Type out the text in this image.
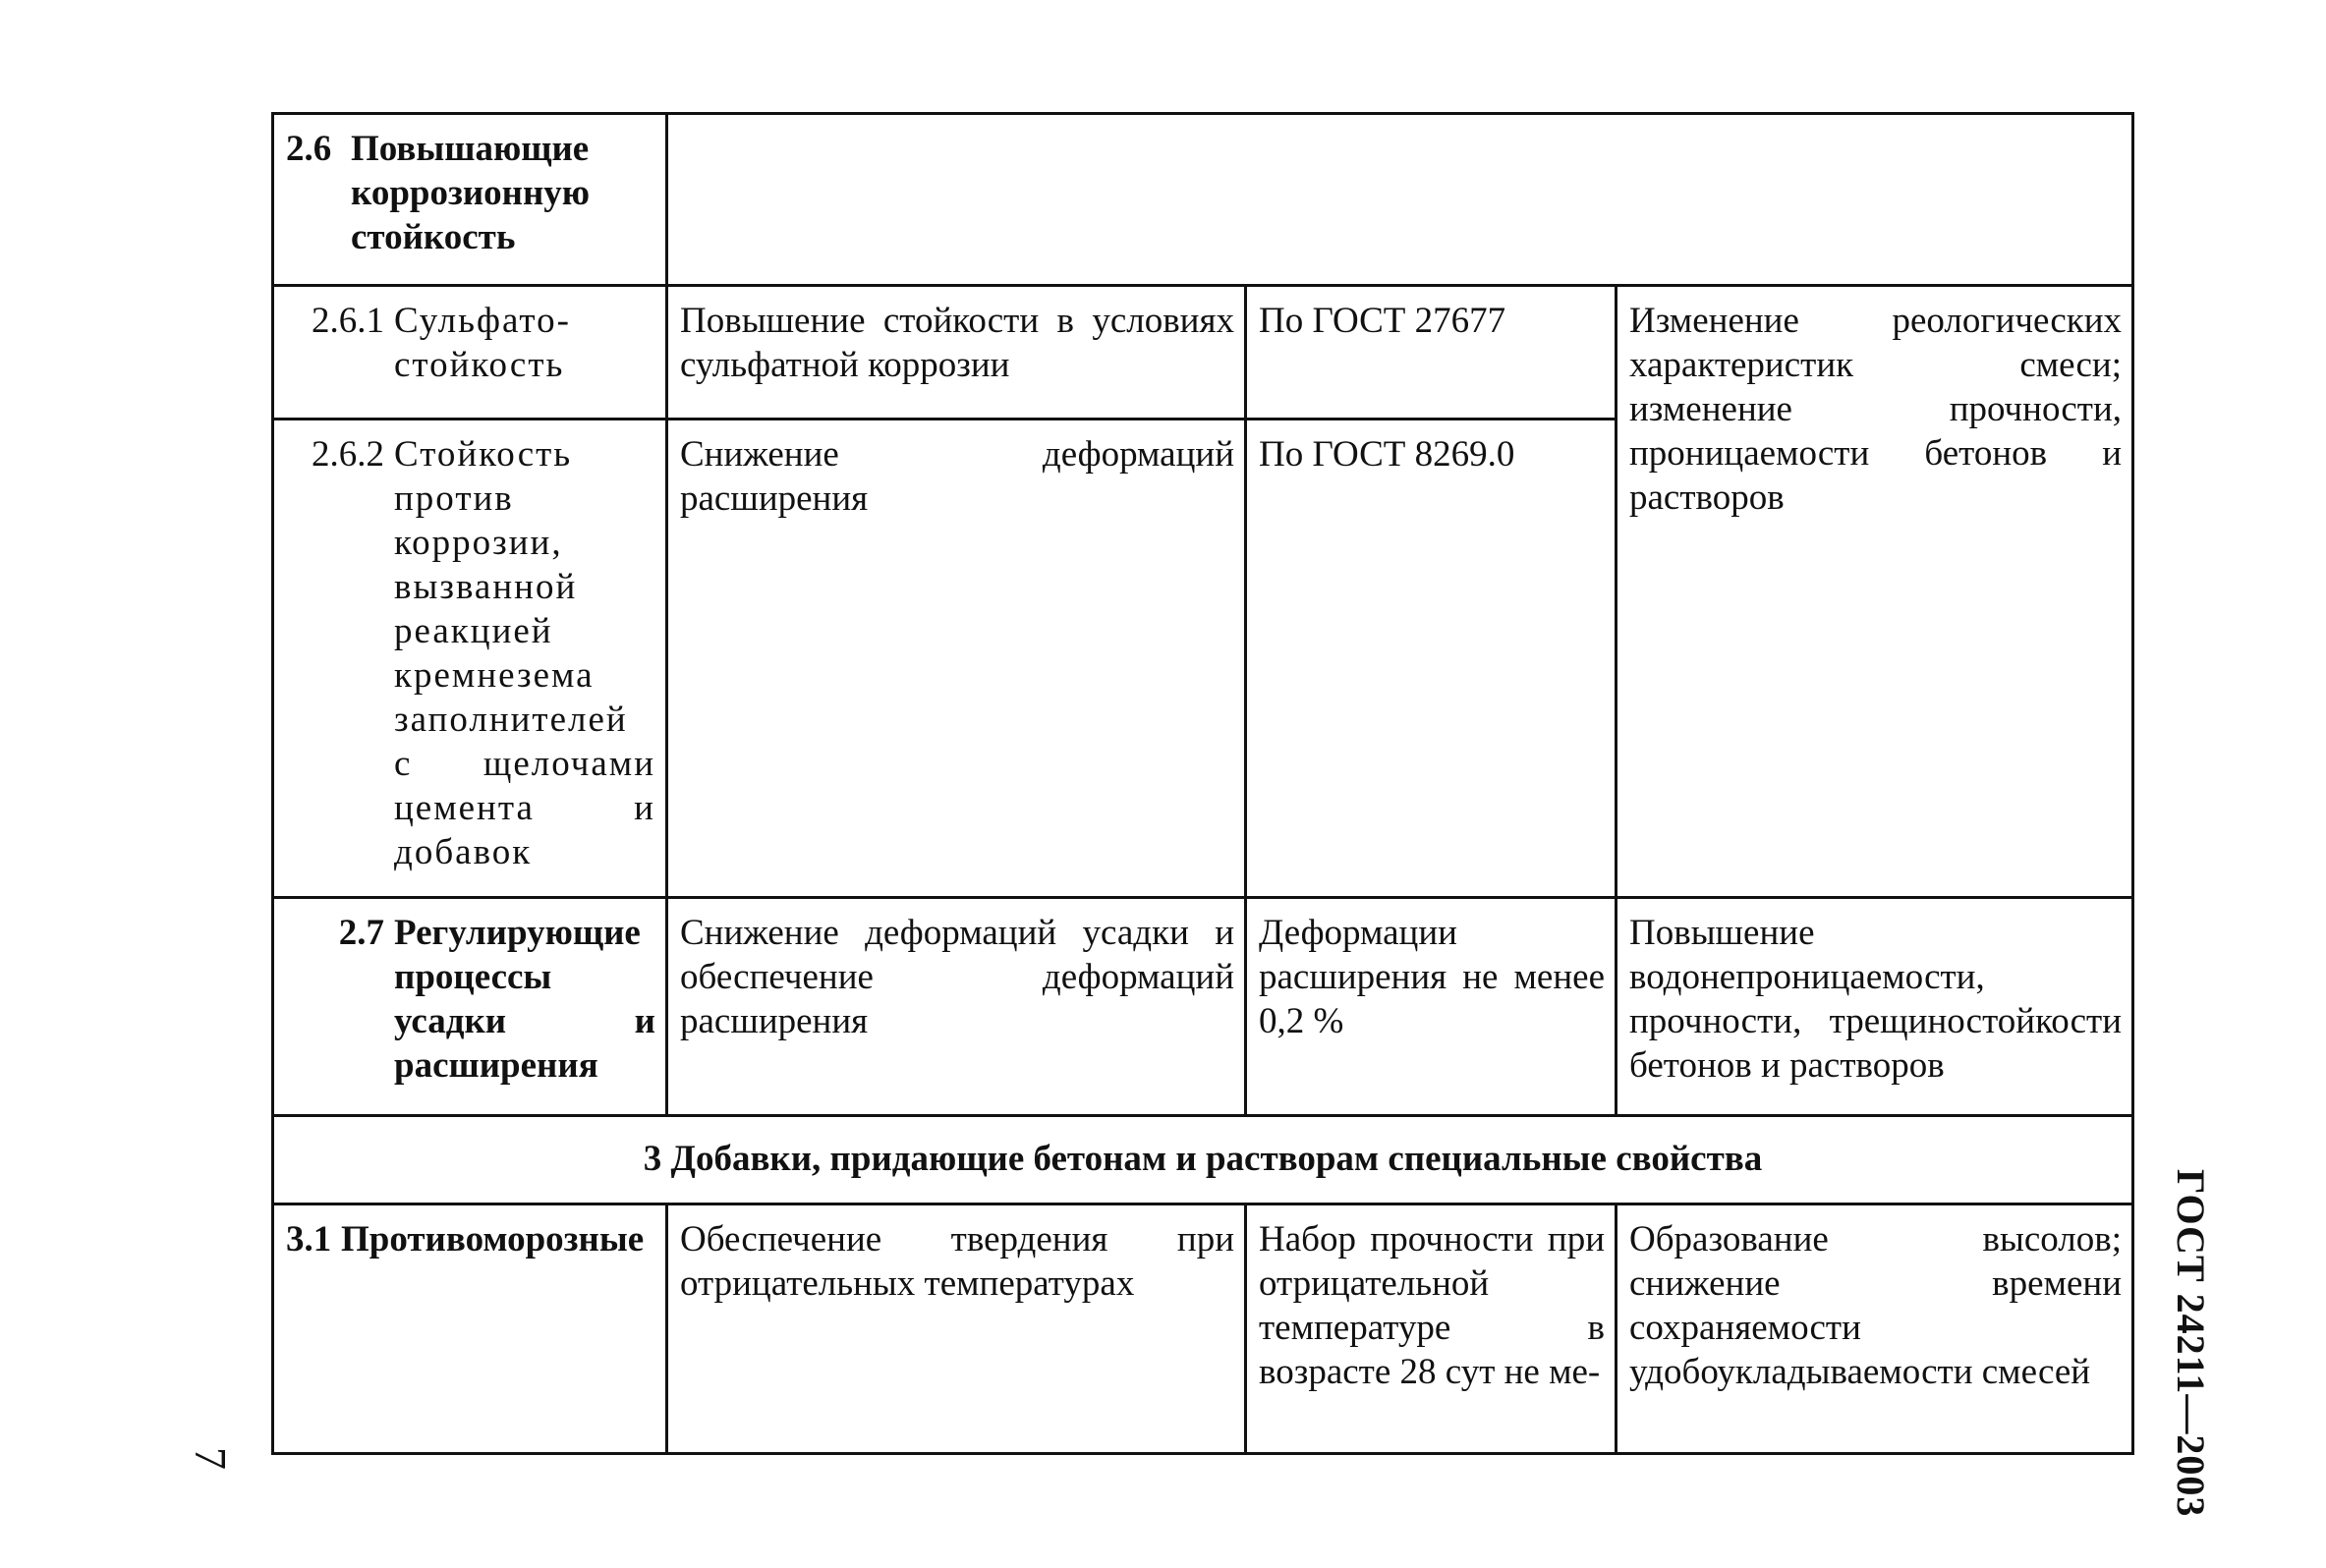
2.6 Повышающие коррозионную стойкость			

2.6.1 Сульфато-стойкость	Повышение стойкости в условиях сульфатной коррозии	По ГОСТ 27677	Изменение реологических характеристик смеси; изменение прочности, проницаемости бетонов и растворов

2.6.2 Стойкость против коррозии, вызванной реакцией кремнезема заполнителей с щелочами цемента и добавок	Снижение деформаций расширения	По ГОСТ 8269.0	

2.7 Регулирующие процессы усадки и расширения	Снижение деформаций усадки и обеспечение деформаций расширения	Деформации расширения не менее 0,2 %	Повышение водонепроницаемости, прочности, трещиностойкости бетонов и растворов
3 Добавки, придающие бетонам и растворам специальные свойства			

3.1 Противоморозные	Обеспечение твердения при отрицательных температурах	Набор прочности при отрицательной температуре в возрасте 28 сут не ме-	Образование высолов; снижение времени сохраняемости удобоукладываемости смесей ГОСТ 24211—2003
7
